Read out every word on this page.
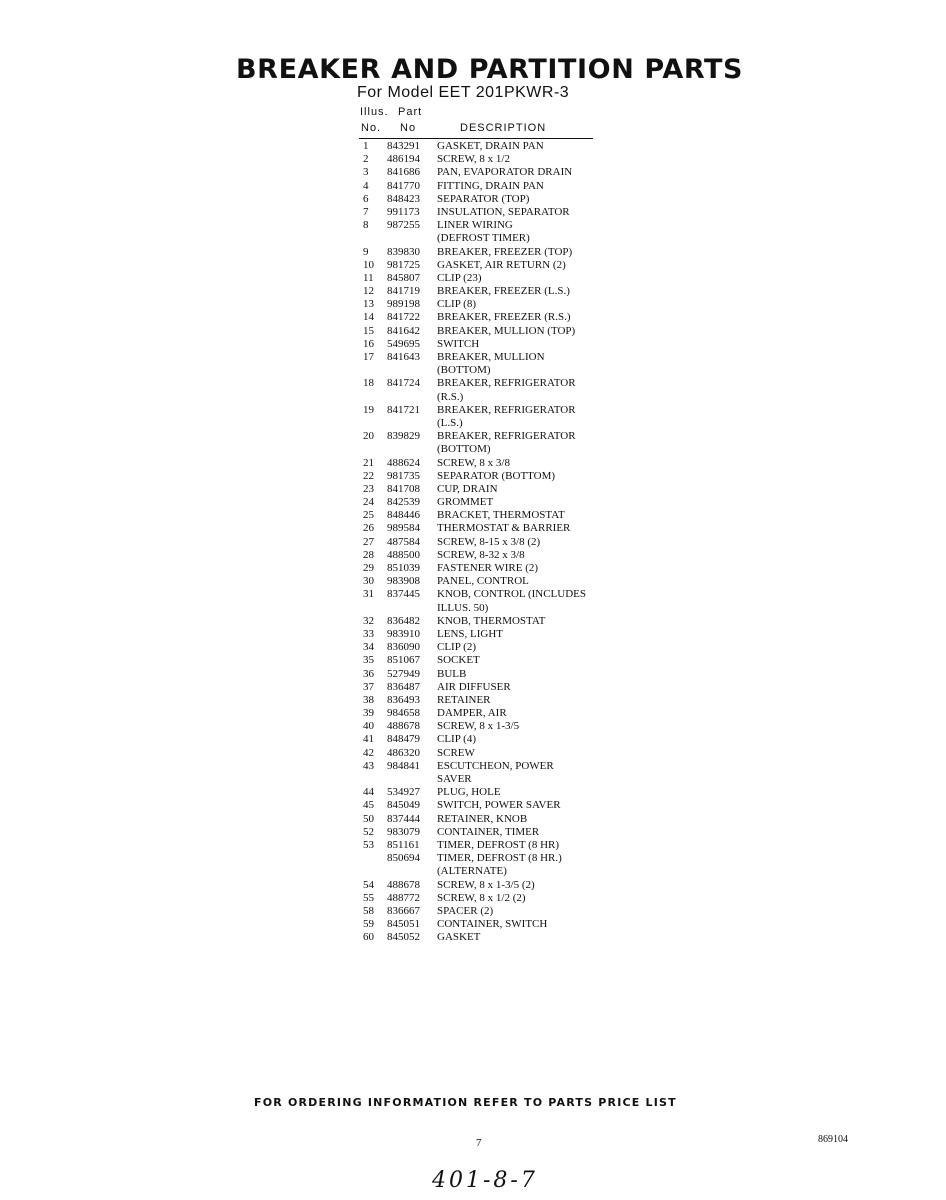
BREAKER AND PARTITION PARTS
For Model EET 201PKWR-3
Illus. Part
No. No	DESCRIPTION
1 843291 GASKET, DRAIN PAN
2 486194 SCREW, 8 x 1/2
3 841686 PAN, EVAPORATOR DRAIN
4 841770 FITTING, DRAIN PAN
6 848423 SEPARATOR (TOP)
7 991173 INSULATION, SEPARATOR
8 987255 LINER WIRING
(DEFROST TIMER)
9 839830 BREAKER, FREEZER (TOP)
10 981725 GASKET, AIR RETURN (2)
11 845807 CLIP (23)
12 841719 BREAKER, FREEZER (L.S.)
13 989198 CLIP (8)
14 841722 BREAKER, FREEZER (R.S.)
15 841642 BREAKER, MULLION (TOP)
16 549695 SWITCH
17 841643 BREAKER, MULLION
(BOTTOM)
18 841724 BREAKER, REFRIGERATOR
(R.S.)
19 841721 BREAKER, REFRIGERATOR
(L.S.)
20 839829 BREAKER, REFRIGERATOR
(BOTTOM)
21 488624 SCREW, 8 x 3/8
22 981735 SEPARATOR (BOTTOM)
23 841708 CUP, DRAIN
24 842539 GROMMET
25 848446 BRACKET, THERMOSTAT
26 989584 THERMOSTAT & BARRIER
27 487584 SCREW, 8-15 x 3/8 (2)
28 488500 SCREW, 8-32 x 3/8
29 851039 FASTENER WIRE (2)
30 983908 PANEL, CONTROL
31 837445 KNOB, CONTROL (INCLUDES
ILLUS. 50)
32 836482 KNOB, THERMOSTAT
33 983910 LENS, LIGHT
34 836090 CLIP (2)
35 851067 SOCKET
36 527949 BULB
37 836487 AIR DIFFUSER
38 836493 RETAINER
39 984658 DAMPER, AIR
40 488678 SCREW, 8 x 1-3/5
41 848479 CLIP (4)
42 486320 SCREW
43 984841 ESCUTCHEON, POWER
SAVER
44 534927 PLUG, HOLE
45 845049 SWITCH, POWER SAVER
50 837444 RETAINER, KNOB
52 983079 CONTAINER, TIMER
53 851161 TIMER, DEFROST (8 HR)
850694 TIMER, DEFROST (8 HR.)
(ALTERNATE)
54 488678 SCREW, 8 x 1-3/5 (2)
55 488772 SCREW, 8 x 1/2 (2)
58 836667 SPACER (2)
59 845051 CONTAINER, SWITCH
60 845052 GASKET
FOR ORDERING INFORMATION REFER TO PARTS PRICE LIST
7	869104
401-8-7
